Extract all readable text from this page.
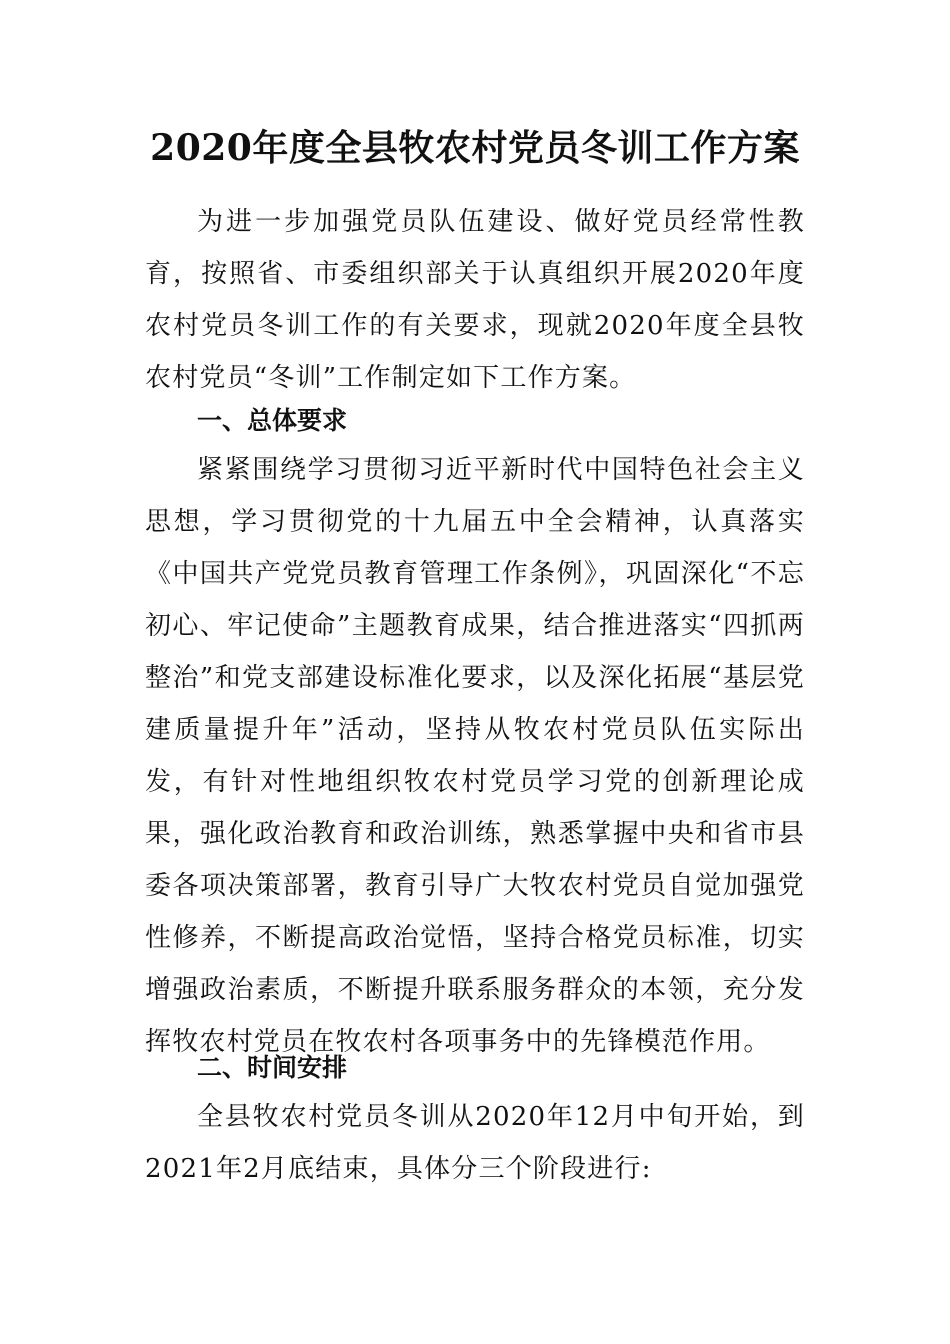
2020年度全县牧农村党员冬训工作方案

为进一步加强党员队伍建设、做好党员经常性教育，按照省、市委组织部关于认真组织开展2020年度农村党员冬训工作的有关要求，现就2020年度全县牧农村党员“冬训”工作制定如下工作方案。

一、总体要求

紧紧围绕学习贯彻习近平新时代中国特色社会主义思想，学习贯彻党的十九届五中全会精神，认真落实《中国共产党党员教育管理工作条例》，巩固深化“不忘初心、牢记使命”主题教育成果，结合推进落实“四抓两整治”和党支部建设标准化要求，以及深化拓展“基层党建质量提升年”活动，坚持从牧农村党员队伍实际出发，有针对性地组织牧农村党员学习党的创新理论成果，强化政治教育和政治训练，熟悉掌握中央和省市县委各项决策部署，教育引导广大牧农村党员自觉加强党性修养，不断提高政治觉悟，坚持合格党员标准，切实增强政治素质，不断提升联系服务群众的本领，充分发挥牧农村党员在牧农村各项事务中的先锋模范作用。

二、时间安排

全县牧农村党员冬训从2020年12月中旬开始，到2021年2月底结束，具体分三个阶段进行:
